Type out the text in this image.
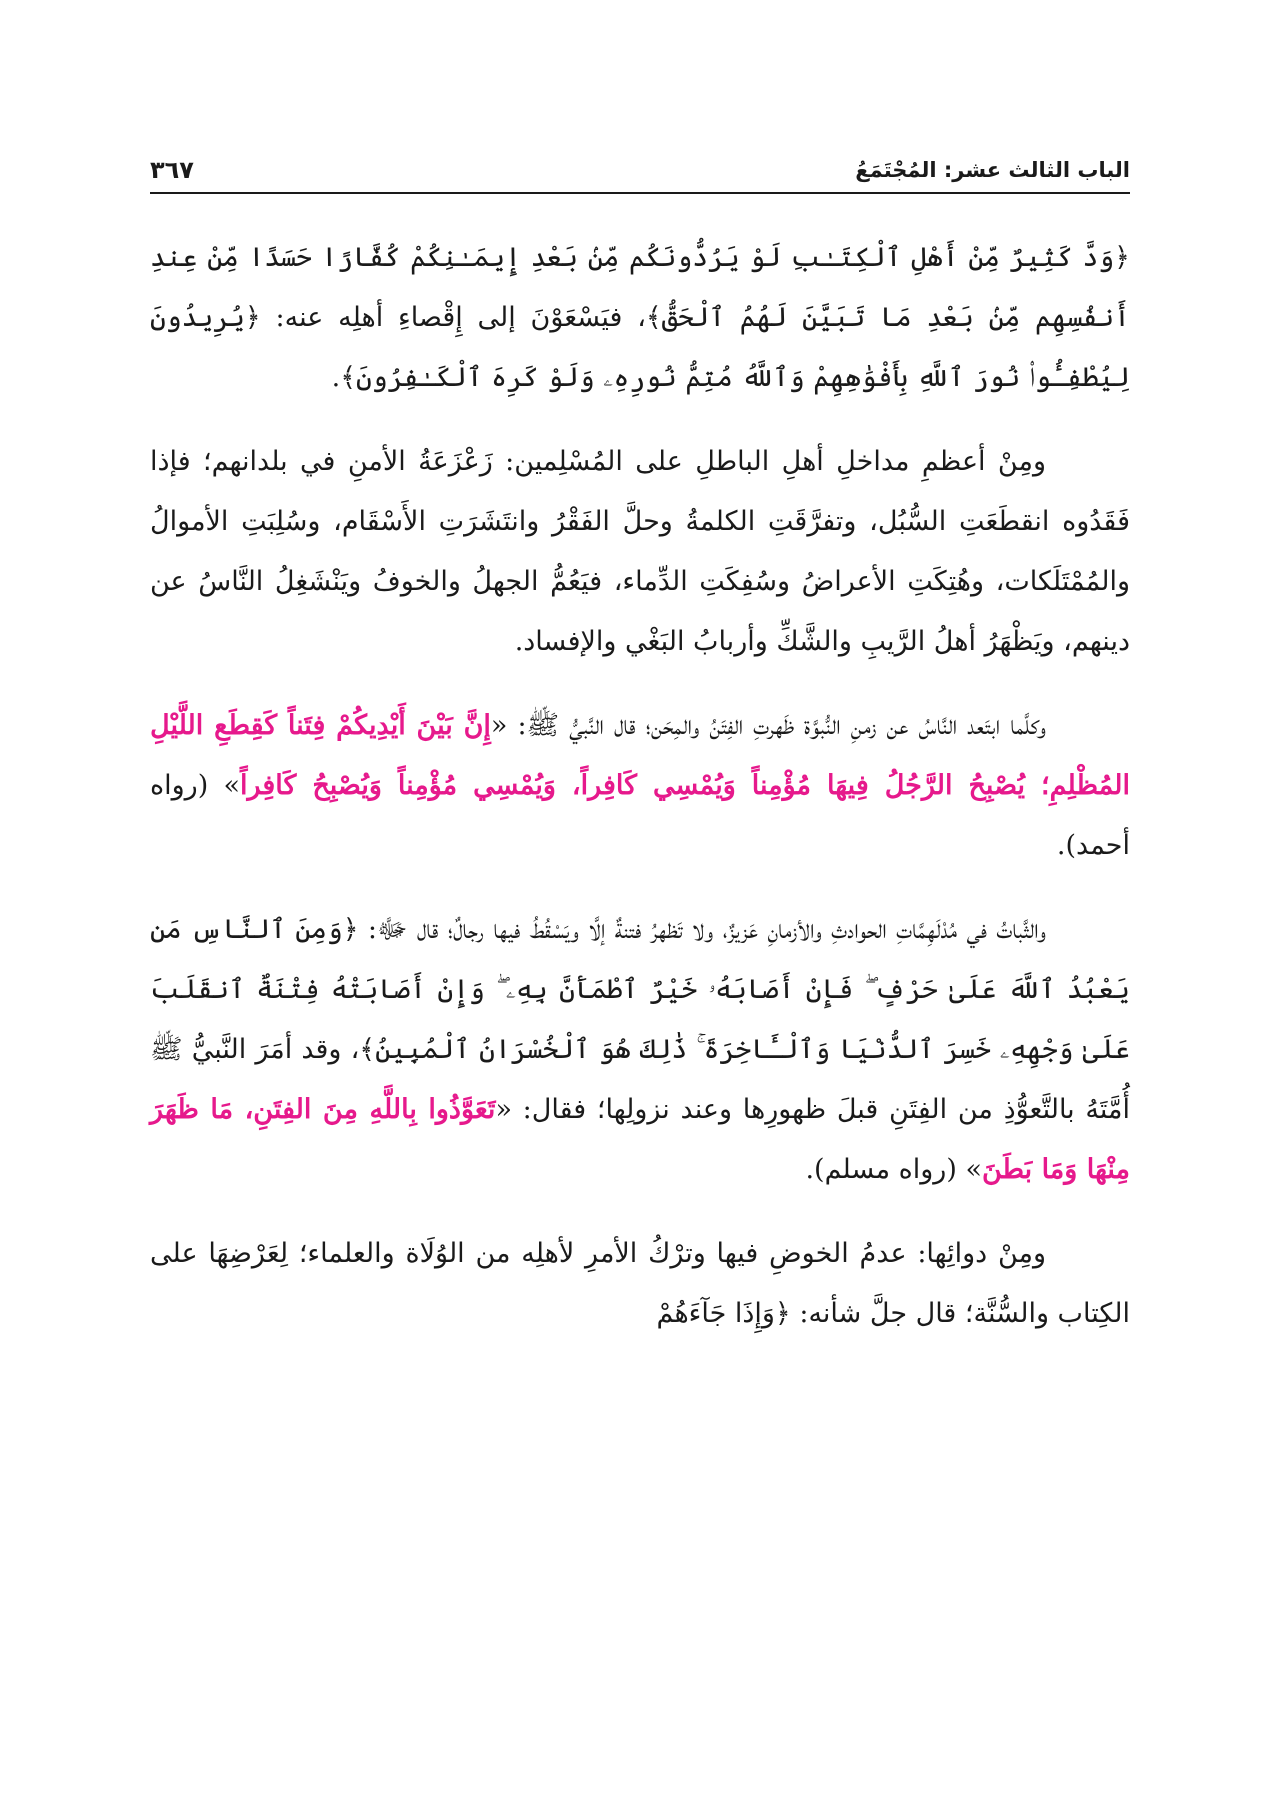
الباب الثالث عشر: المُجْتَمَعُ
٣٦٧

﴿وَدَّ كَثِيرٌ مِّنْ أَهْلِ ٱلْكِتَـٰبِ لَوْ يَرُدُّونَكُم مِّنۢ بَعْدِ إِيمَـٰنِكُمْ كُفَّارًا حَسَدًا مِّنْ عِندِ أَنفُسِهِم مِّنۢ بَعْدِ مَا تَبَيَّنَ لَهُمُ ٱلْحَقُّ﴾، فيَسْعَوْنَ إلى إِقْصاءِ أهلِه عنه: ﴿يُرِيدُونَ لِيُطْفِـُٔوا۟ نُورَ ٱللَّهِ بِأَفْوَٰهِهِمْ وَٱللَّهُ مُتِمُّ نُورِهِۦ وَلَوْ كَرِهَ ٱلْكَـٰفِرُونَ﴾.

ومِنْ أعظمِ مداخلِ أهلِ الباطلِ على المُسْلِمين: زَعْزَعَةُ الأمنِ في بلدانهم؛ فإذا فَقَدُوه انقطَعَتِ السُّبُل، وتفرَّقَتِ الكلمةُ وحلَّ الفَقْرُ وانتَشَرَتِ الأَسْقَام، وسُلِبَتِ الأموالُ والمُمْتَلَكات، وهُتِكَتِ الأعراضُ وسُفِكَتِ الدِّماء، فيَعُمُّ الجهلُ والخوفُ ويَنْشَغِلُ النَّاسُ عن دينهم، ويَظْهَرُ أهلُ الرَّيبِ والشَّكِّ وأربابُ البَغْي والإفساد.

وكلَّما ابتَعد النَّاسُ عن زمنِ النُّبوَّة ظَهرتِ الفِتَنُ والمِحَن؛ قال النَّبيُّ ﷺ: «إِنَّ بَيْنَ أَيْدِيكُمْ فِتَناً كَقِطَعِ اللَّيْلِ المُظْلِمِ؛ يُصْبِحُ الرَّجُلُ فِيهَا مُؤْمِناً وَيُمْسِي كَافِراً، وَيُمْسِي مُؤْمِناً وَيُصْبِحُ كَافِراً» (رواه أحمد).

والثَّباتُ في مُدْلَهِمَّاتِ الحوادثِ والأزمانِ عَزيزٌ، ولا تَظهرُ فتنةٌ إلَّا ويَسْقُطُ فيها رجالٌ؛ قال ﷻ: ﴿وَمِنَ ٱلنَّاسِ مَن يَعْبُدُ ٱللَّهَ عَلَىٰ حَرْفٍ ۖ فَإِنْ أَصَابَهُۥ خَيْرٌ ٱطْمَأَنَّ بِهِۦ ۖ وَإِنْ أَصَابَتْهُ فِتْنَةٌ ٱنقَلَبَ عَلَىٰ وَجْهِهِۦ خَسِرَ ٱلدُّنْيَا وَٱلْـَٔاخِرَةَ ۚ ذَٰلِكَ هُوَ ٱلْخُسْرَانُ ٱلْمُبِينُ﴾، وقد أمَرَ النَّبيُّ ﷺ أُمَّتَهُ بالتَّعوُّذِ من الفِتَنِ قبلَ ظهورِها وعند نزولِها؛ فقال: «تَعَوَّذُوا بِاللَّهِ مِنَ الفِتَنِ، مَا ظَهَرَ مِنْهَا وَمَا بَطَنَ» (رواه مسلم).

ومِنْ دوائِها: عدمُ الخوضِ فيها وترْكُ الأمرِ لأهلِه من الوُلَاة والعلماء؛ لِعَرْضِهَا على الكِتاب والسُّنَّة؛ قال جلَّ شأنه: ﴿وَإِذَا جَآءَهُمْ
